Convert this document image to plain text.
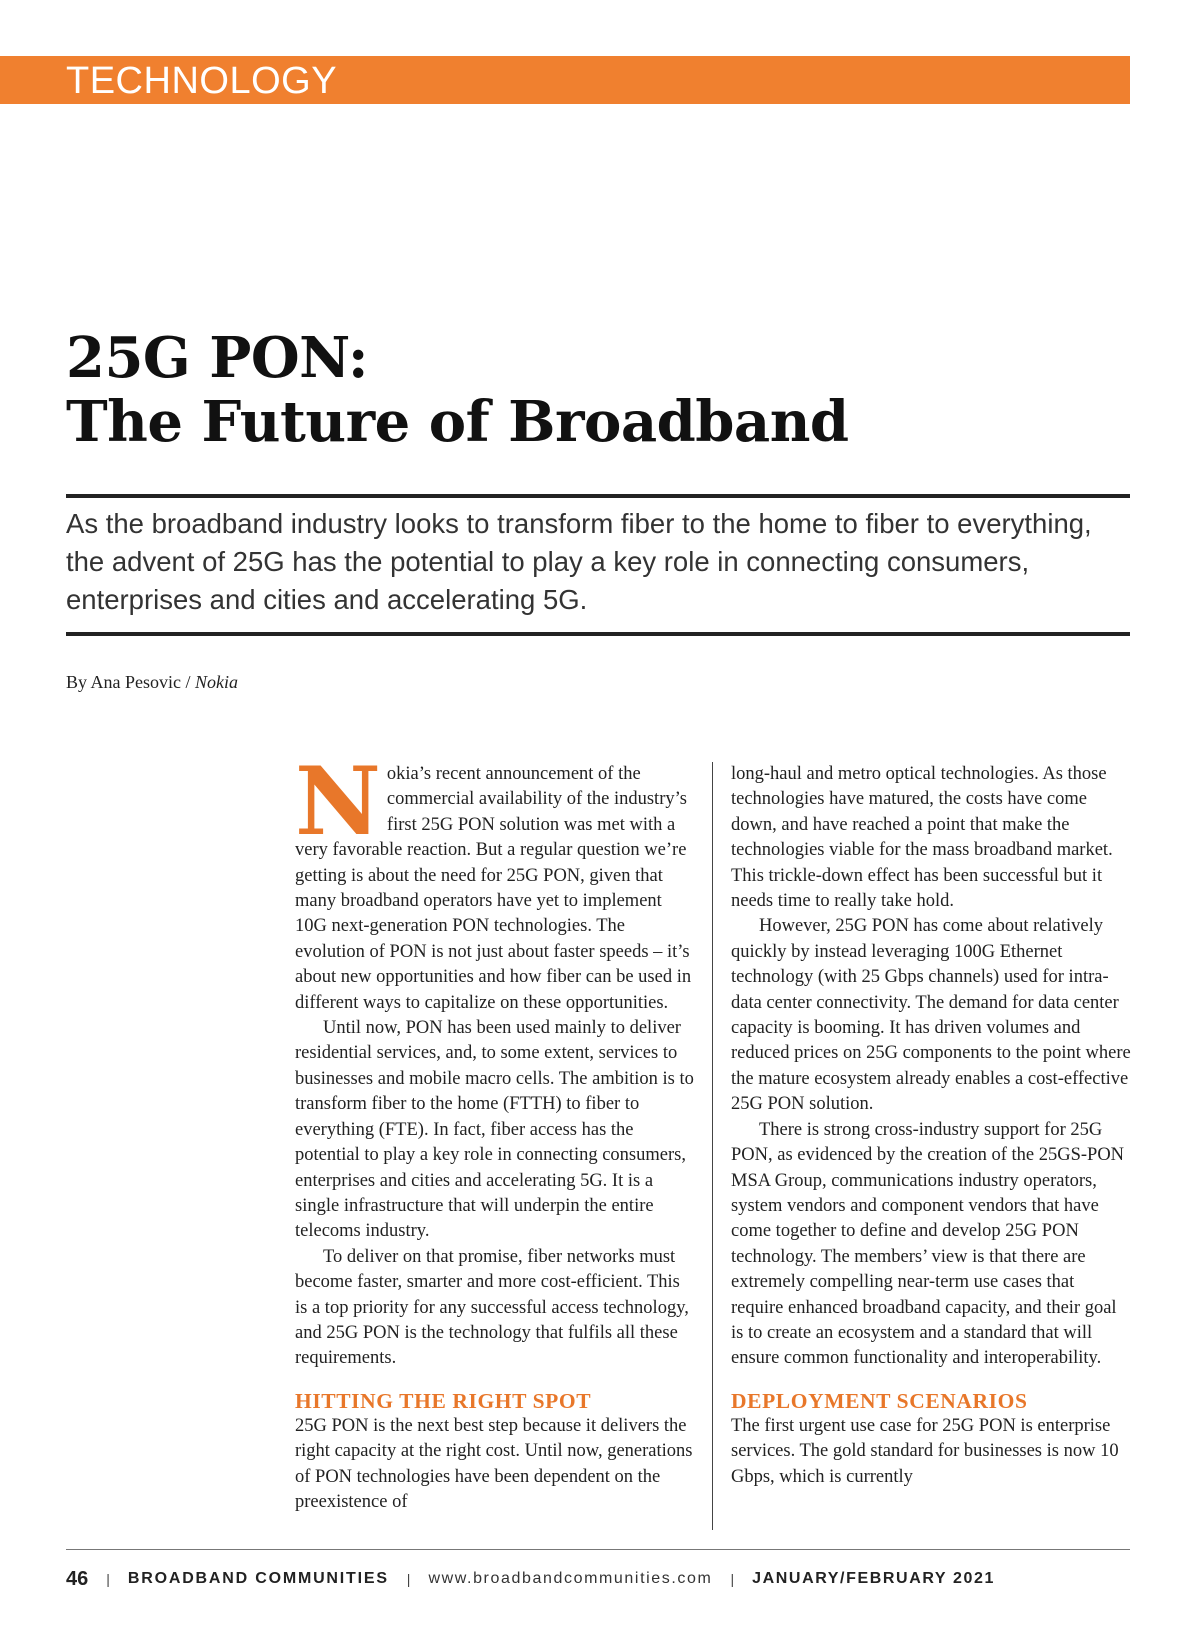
TECHNOLOGY
25G PON:
The Future of Broadband

As the broadband industry looks to transform fiber to the home to fiber to everything, the advent of 25G has the potential to play a key role in connecting consumers, enterprises and cities and accelerating 5G.

By Ana Pesovic / Nokia

Nokia’s recent announcement of the commercial availability of the industry’s first 25G PON solution was met with a very favorable reaction. But a regular question we’re getting is about the need for 25G PON, given that many broadband operators have yet to implement 10G next-generation PON technologies. The evolution of PON is not just about faster speeds – it’s about new opportunities and how fiber can be used in different ways to capitalize on these opportunities.

Until now, PON has been used mainly to deliver residential services, and, to some extent, services to businesses and mobile macro cells. The ambition is to transform fiber to the home (FTTH) to fiber to everything (FTE). In fact, fiber access has the potential to play a key role in connecting consumers, enterprises and cities and accelerating 5G. It is a single infrastructure that will underpin the entire telecoms industry.

To deliver on that promise, fiber networks must become faster, smarter and more cost-efficient. This is a top priority for any successful access technology, and 25G PON is the technology that fulfils all these requirements.

HITTING THE RIGHT SPOT

25G PON is the next best step because it delivers the right capacity at the right cost. Until now, generations of PON technologies have been dependent on the preexistence of

long-haul and metro optical technologies. As those technologies have matured, the costs have come down, and have reached a point that make the technologies viable for the mass broadband market. This trickle-down effect has been successful but it needs time to really take hold.

However, 25G PON has come about relatively quickly by instead leveraging 100G Ethernet technology (with 25 Gbps channels) used for intra-data center connectivity. The demand for data center capacity is booming. It has driven volumes and reduced prices on 25G components to the point where the mature ecosystem already enables a cost-effective 25G PON solution.

There is strong cross-industry support for 25G PON, as evidenced by the creation of the 25GS-PON MSA Group, communications industry operators, system vendors and component vendors that have come together to define and develop 25G PON technology. The members’ view is that there are extremely compelling near-term use cases that require enhanced broadband capacity, and their goal is to create an ecosystem and a standard that will ensure common functionality and interoperability.

DEPLOYMENT SCENARIOS

The first urgent use case for 25G PON is enterprise services. The gold standard for businesses is now 10 Gbps, which is currently

46 | BROADBAND COMMUNITIES | www.broadbandcommunities.com | JANUARY/FEBRUARY 2021
